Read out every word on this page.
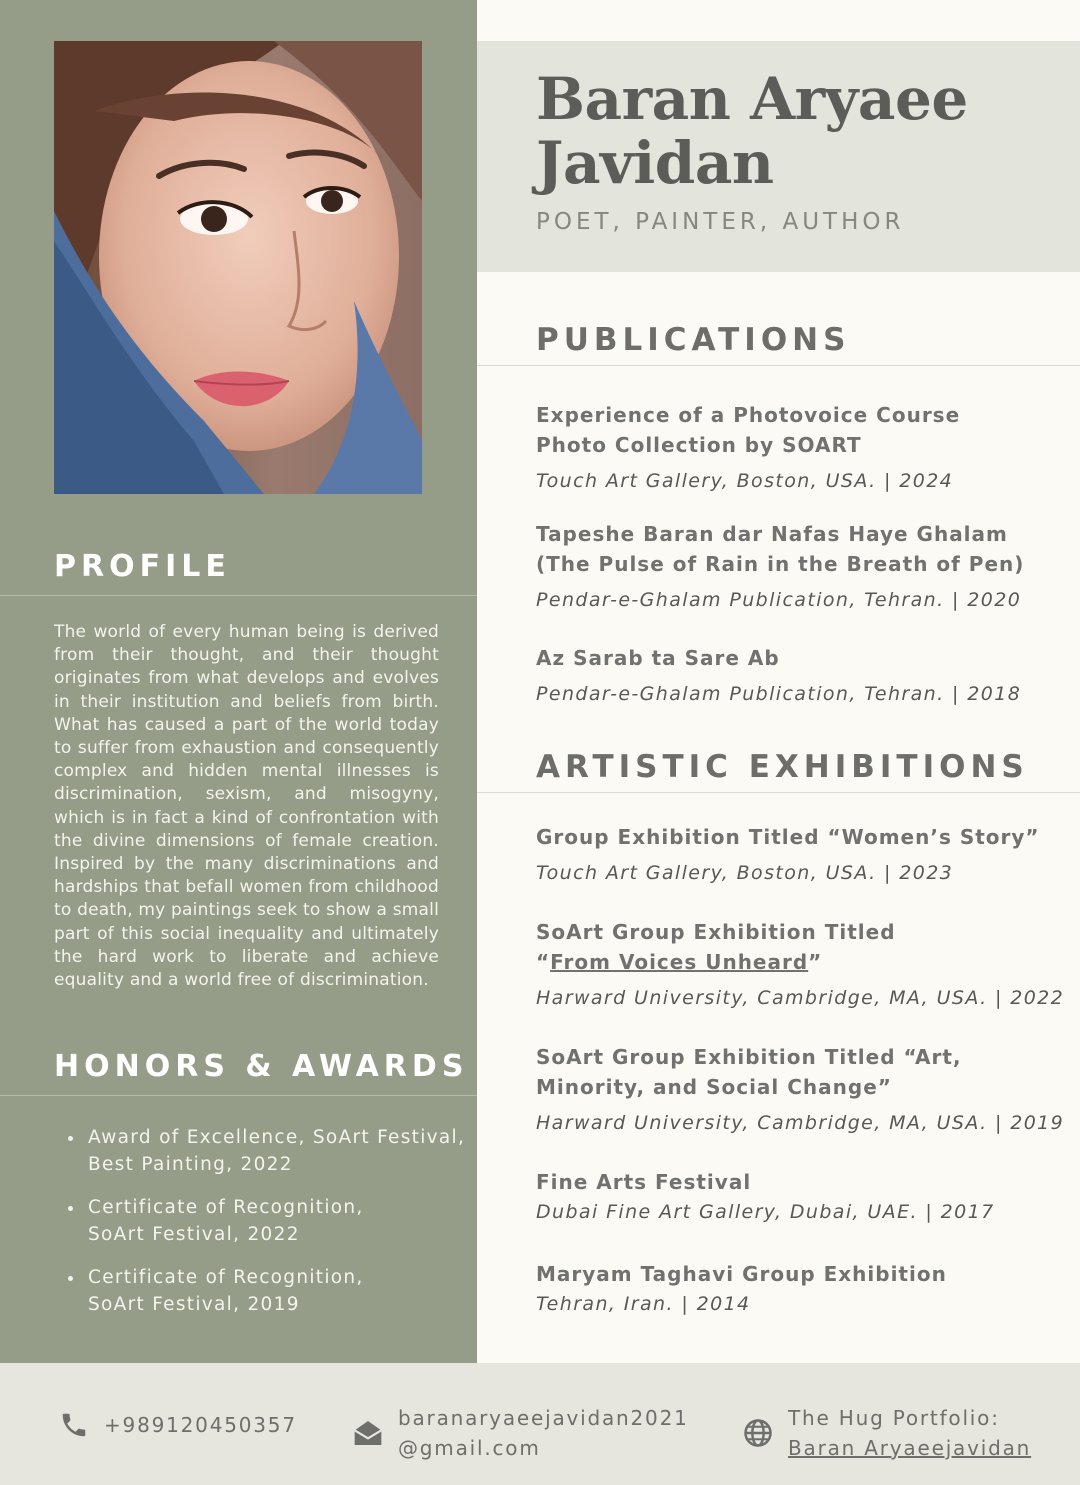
PROFILE

The world of every human being is derived from their thought, and their thought originates from what develops and evolves in their institution and beliefs from birth. What has caused a part of the world today to suffer from exhaustion and consequently complex and hidden mental illnesses is discrimination, sexism, and misogyny, which is in fact a kind of confrontation with the divine dimensions of female creation. Inspired by the many discriminations and hardships that befall women from childhood to death, my paintings seek to show a small part of this social inequality and ultimately the hard work to liberate and achieve equality and a world free of discrimination.

HONORS & AWARDS
Award of Excellence, SoArt Festival,
Best Painting, 2022
Certificate of Recognition,
SoArt Festival, 2022
Certificate of Recognition,
SoArt Festival, 2019
Baran Aryaee Javidan
POET, PAINTER, AUTHOR
PUBLICATIONS
Experience of a Photovoice Course
Photo Collection by SOART
Touch Art Gallery, Boston, USA. | 2024
Tapeshe Baran dar Nafas Haye Ghalam
(The Pulse of Rain in the Breath of Pen)
Pendar-e-Ghalam Publication, Tehran. | 2020
Az Sarab ta Sare Ab
Pendar-e-Ghalam Publication, Tehran. | 2018
ARTISTIC EXHIBITIONS
Group Exhibition Titled “Women’s Story”
Touch Art Gallery, Boston, USA. | 2023
SoArt Group Exhibition Titled
“From Voices Unheard”
Harward University, Cambridge, MA, USA. | 2022
SoArt Group Exhibition Titled “Art,
Minority, and Social Change”
Harward University, Cambridge, MA, USA. | 2019
Fine Arts Festival
Dubai Fine Art Gallery, Dubai, UAE. | 2017
Maryam Taghavi Group Exhibition
Tehran, Iran. | 2014
+989120450357	baranaryaeejavidan2021
@gmail.com
The Hug Portfolio:
Baran Aryaeejavidan
